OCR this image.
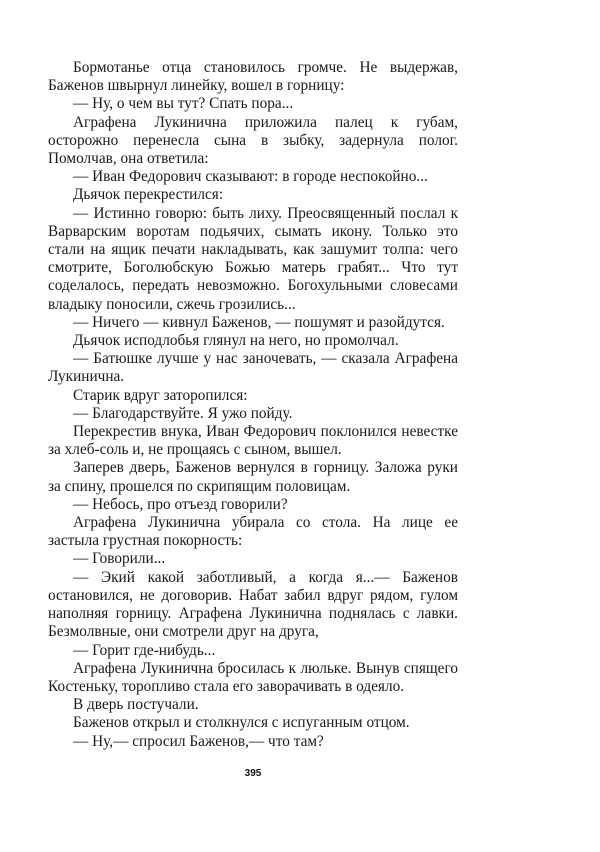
Бормотанье отца становилось громче. Не выдержав, Баженов швырнул линейку, вошел в горницу:

— Ну, о чем вы тут? Спать пора...

Аграфена Лукинична приложила палец к губам, осторожно перенесла сына в зыбку, задернула полог. Помолчав, она ответила:

— Иван Федорович сказывают: в городе неспокойно...

Дьячок перекрестился:

— Истинно говорю: быть лиху. Преосвященный послал к Варварским воротам подьячих, сымать икону. Только это стали на ящик печати накладывать, как зашумит толпа: чего смотрите, Боголюбскую Божью матерь грабят... Что тут соделалось, передать невозможно. Богохульными словесами владыку поносили, сжечь грозились...

— Ничего — кивнул Баженов, — пошумят и разойдутся.

Дьячок исподлобья глянул на него, но промолчал.

— Батюшке лучше у нас заночевать, — сказала Аграфена Лукинична.

Старик вдруг заторопился:

— Благодарствуйте. Я ужо пойду.

Перекрестив внука, Иван Федорович поклонился невестке за хлеб-соль и, не прощаясь с сыном, вышел.

Заперев дверь, Баженов вернулся в горницу. Заложа руки за спину, прошелся по скрипящим половицам.

— Небось, про отъезд говорили?

Аграфена Лукинична убирала со стола. На лице ее застыла грустная покорность:

— Говорили...

— Экий какой заботливый, а когда я...— Баженов остановился, не договорив. Набат забил вдруг рядом, гулом наполняя горницу. Аграфена Лукинична поднялась с лавки. Безмолвные, они смотрели друг на друга,

— Горит где-нибудь...

Аграфена Лукинична бросилась к люльке. Вынув спящего Костеньку, торопливо стала его заворачивать в одеяло.

В дверь постучали.

Баженов открыл и столкнулся с испуганным отцом.

— Ну,— спросил Баженов,— что там?

395
